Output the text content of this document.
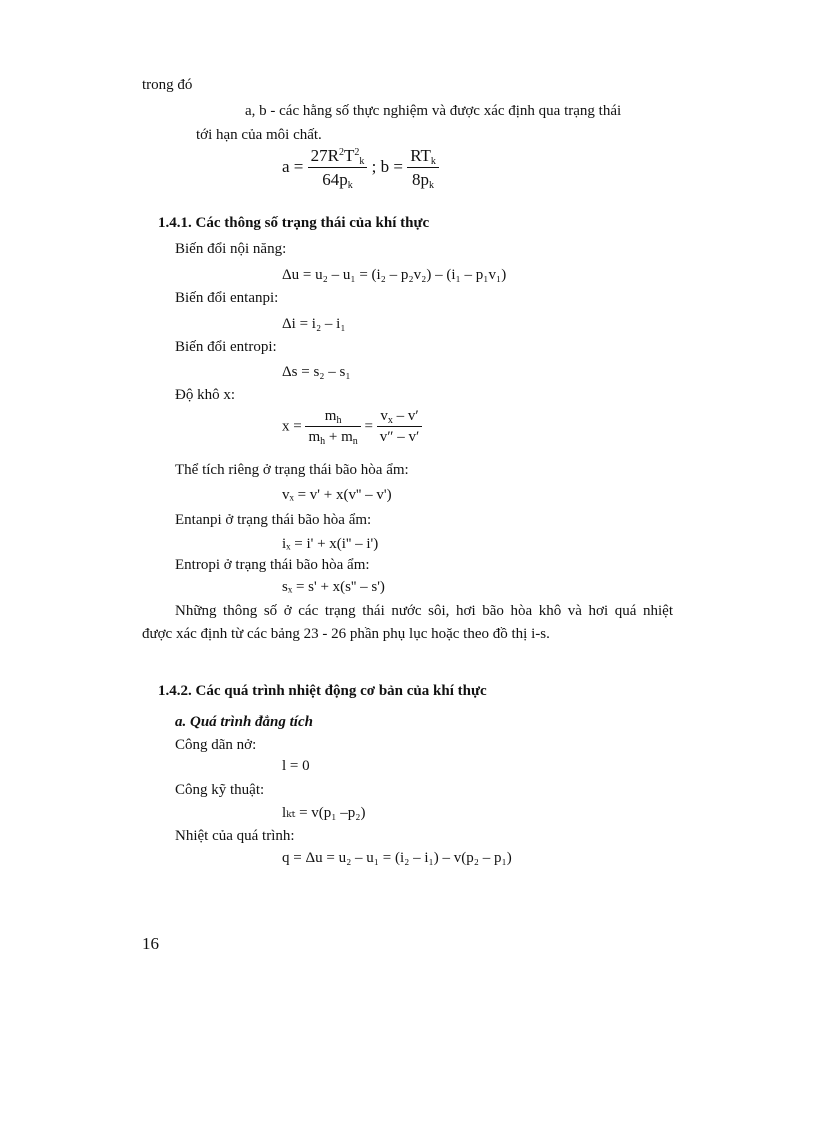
trong đó
a, b - các hằng số thực nghiệm và được xác định qua trạng thái
tới hạn của môi chất.
$a = \frac{27R^2T^2_k}{64p_k}$ ; $b = \frac{RT_k}{8p_k}$
1.4.1. Các thông số trạng thái của khí thực
Biến đổi nội năng:
Δu = u₂ – u₁ = (i₂ – p₂v₂) – (i₁ – p₁v₁)
Biến đổi entanpi:
Δi = i₂ – i₁
Biến đổi entropi:
Δs = s₂ – s₁
Độ khô x:
$x = \frac{m_h}{m_h + m_n} = \frac{v_x - v'}{v'' - v'}$
Thể tích riêng ở trạng thái bão hòa ẩm:
vₓ = v' + x(v'' – v')
Entanpi ở trạng thái bão hòa ẩm:
iₓ = i' + x(i'' – i')
Entropi ở trạng thái bão hòa ẩm:
sₓ = s' + x(s'' – s')
Những thông số ở các trạng thái nước sôi, hơi bão hòa khô và hơi quá nhiệt
được xác định từ các bảng 23 - 26 phần phụ lục hoặc theo đồ thị i-s.
1.4.2. Các quá trình nhiệt động cơ bản của khí thực
a. Quá trình đẳng tích
Công dãn nở:
l = 0
Công kỹ thuật:
lₖₜ = v(p₁ –p₂)
Nhiệt của quá trình:
q = Δu = u₂ – u₁ = (i₂ – i₁) – v(p₂ – p₁)
16
